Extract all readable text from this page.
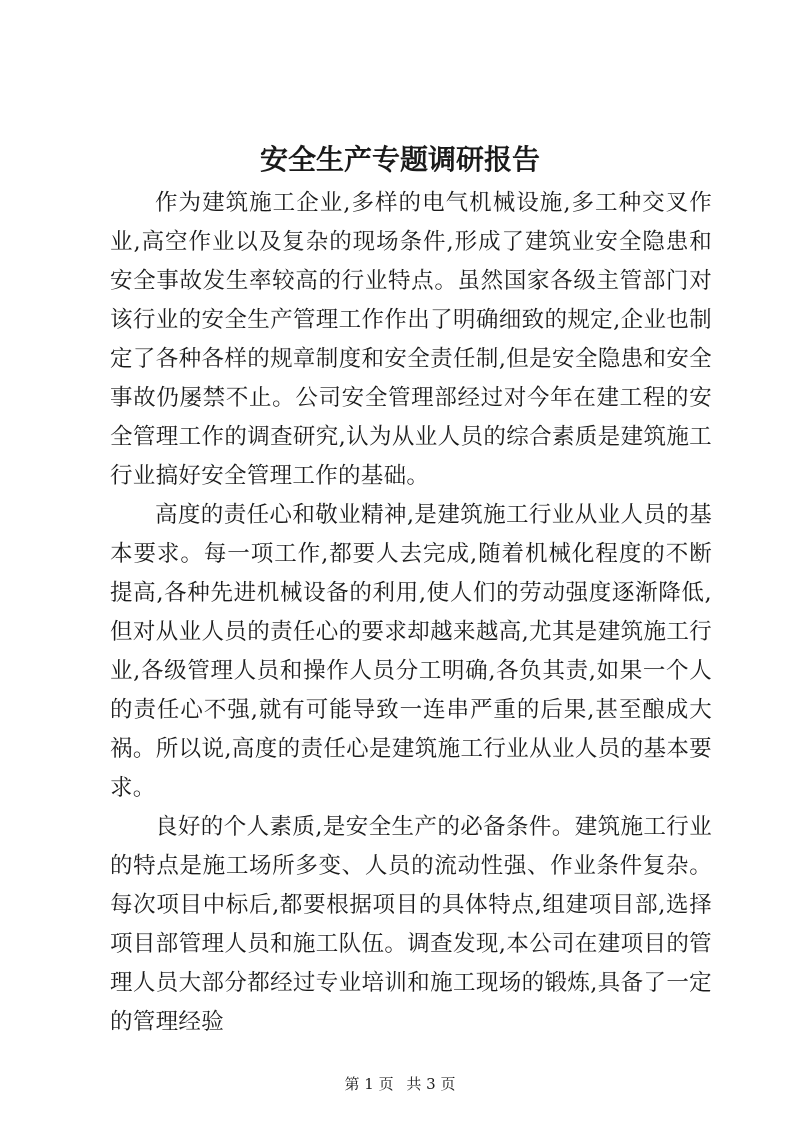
安全生产专题调研报告

作为建筑施工企业,多样的电气机械设施,多工种交叉作业,高空作业以及复杂的现场条件,形成了建筑业安全隐患和安全事故发生率较高的行业特点。虽然国家各级主管部门对该行业的安全生产管理工作作出了明确细致的规定,企业也制定了各种各样的规章制度和安全责任制,但是安全隐患和安全事故仍屡禁不止。公司安全管理部经过对今年在建工程的安全管理工作的调查研究,认为从业人员的综合素质是建筑施工行业搞好安全管理工作的基础。

高度的责任心和敬业精神,是建筑施工行业从业人员的基本要求。每一项工作,都要人去完成,随着机械化程度的不断提高,各种先进机械设备的利用,使人们的劳动强度逐渐降低,但对从业人员的责任心的要求却越来越高,尤其是建筑施工行业,各级管理人员和操作人员分工明确,各负其责,如果一个人的责任心不强,就有可能导致一连串严重的后果,甚至酿成大祸。所以说,高度的责任心是建筑施工行业从业人员的基本要求。

良好的个人素质,是安全生产的必备条件。建筑施工行业的特点是施工场所多变、人员的流动性强、作业条件复杂。每次项目中标后,都要根据项目的具体特点,组建项目部,选择项目部管理人员和施工队伍。调查发现,本公司在建项目的管理人员大部分都经过专业培训和施工现场的锻炼,具备了一定的管理经验

第 1 页 共 3 页
